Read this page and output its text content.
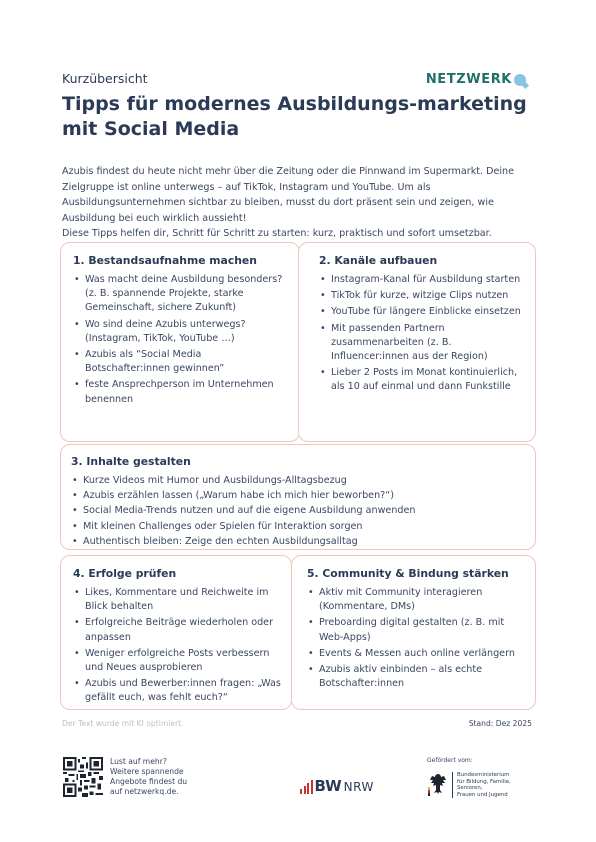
Kurzübersicht	NETZWERK
Tipps für modernes Ausbildungs-marketing mit Social Media

Azubis findest du heute nicht mehr über die Zeitung oder die Pinnwand im Supermarkt. Deine Zielgruppe ist online unterwegs – auf TikTok, Instagram und YouTube. Um als Ausbildungsunternehmen sichtbar zu bleiben, musst du dort präsent sein und zeigen, wie Ausbildung bei euch wirklich aussieht!

Diese Tipps helfen dir, Schritt für Schritt zu starten: kurz, praktisch und sofort umsetzbar.

1. Bestandsaufnahme machen
• Was macht deine Ausbildung besonders? (z. B. spannende Projekte, starke Gemeinschaft, sichere Zukunft)
• Wo sind deine Azubis unterwegs? (Instagram, TikTok, YouTube …)
• Azubis als “Social Media Botschafter:innen gewinnen”
• feste Ansprechperson im Unternehmen benennen
2. Kanäle aufbauen
• Instagram-Kanal für Ausbildung starten
• TikTok für kurze, witzige Clips nutzen
• YouTube für längere Einblicke einsetzen
• Mit passenden Partnern zusammenarbeiten (z. B. Influencer:innen aus der Region)
• Lieber 2 Posts im Monat kontinuierlich, als 10 auf einmal und dann Funkstille
3. Inhalte gestalten
• Kurze Videos mit Humor und Ausbildungs-Alltagsbezug
• Azubis erzählen lassen („Warum habe ich mich hier beworben?“)
• Social Media-Trends nutzen und auf die eigene Ausbildung anwenden
• Mit kleinen Challenges oder Spielen für Interaktion sorgen
• Authentisch bleiben: Zeige den echten Ausbildungsalltag
4. Erfolge prüfen
• Likes, Kommentare und Reichweite im Blick behalten
• Erfolgreiche Beiträge wiederholen oder anpassen
• Weniger erfolgreiche Posts verbessern und Neues ausprobieren
• Azubis und Bewerber:innen fragen: „Was gefällt euch, was fehlt euch?“
5. Community & Bindung stärken
• Aktiv mit Community interagieren (Kommentare, DMs)
• Preboarding digital gestalten (z. B. mit Web-Apps)
• Events & Messen auch online verlängern
• Azubis aktiv einbinden – als echte Botschafter:innen
Der Text wurde mit KI optimiert.	Stand: Dez 2025
Lust auf mehr?
Weitere spannende
Angebote findest du
auf netzwerkq.de.	BW NRW
Gefördert vom:
Bundesministerium
für Bildung, Familie, Senioren,
Frauen und Jugend
